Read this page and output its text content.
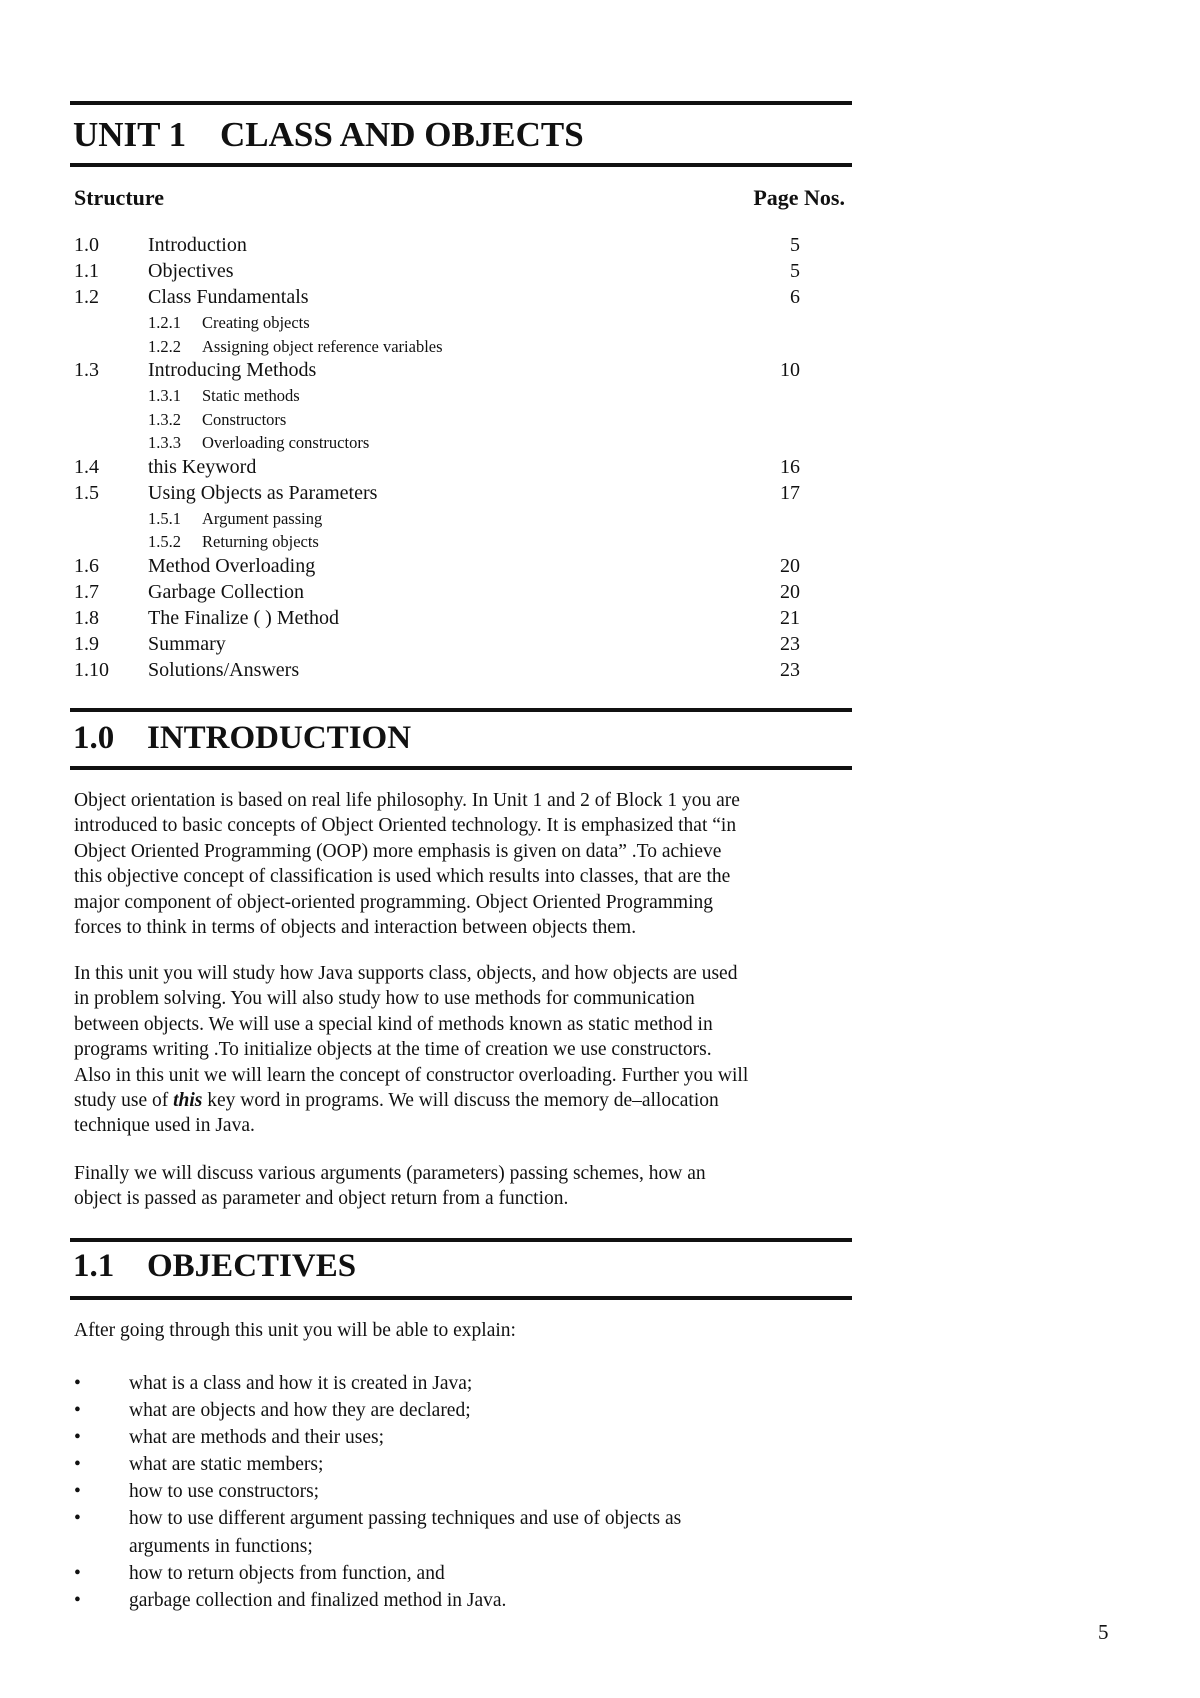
UNIT 1 CLASS AND OBJECTS
Structure	Page Nos.
1.0 Introduction	5
1.1 Objectives	5
1.2 Class Fundamentals	6
1.2.1 Creating objects
1.2.2 Assigning object reference variables
1.3 Introducing Methods	10
1.3.1 Static methods
1.3.2 Constructors
1.3.3 Overloading constructors
1.4 this Keyword	16
1.5 Using Objects as Parameters	17
1.5.1 Argument passing
1.5.2 Returning objects
1.6 Method Overloading	20
1.7 Garbage Collection	20
1.8 The Finalize ( ) Method	21
1.9 Summary	23
1.10 Solutions/Answers	23
1.0 INTRODUCTION
Object orientation is based on real life philosophy. In Unit 1 and 2 of Block 1 you are
introduced to basic concepts of Object Oriented technology. It is emphasized that “in
Object Oriented Programming (OOP) more emphasis is given on data” .To achieve
this objective concept of classification is used which results into classes, that are the
major component of object-oriented programming. Object Oriented Programming
forces to think in terms of objects and interaction between objects them.
In this unit you will study how Java supports class, objects, and how objects are used
in problem solving. You will also study how to use methods for communication
between objects. We will use a special kind of methods known as static method in
programs writing .To initialize objects at the time of creation we use constructors.
Also in this unit we will learn the concept of constructor overloading. Further you will
study use of this key word in programs. We will discuss the memory de–allocation
technique used in Java.
Finally we will discuss various arguments (parameters) passing schemes, how an
object is passed as parameter and object return from a function.
1.1 OBJECTIVES
After going through this unit you will be able to explain:
• what is a class and how it is created in Java;
• what are objects and how they are declared;
• what are methods and their uses;
• what are static members;
• how to use constructors;
• how to use different argument passing techniques and use of objects as
arguments in functions;
• how to return objects from function, and
• garbage collection and finalized method in Java.
5
